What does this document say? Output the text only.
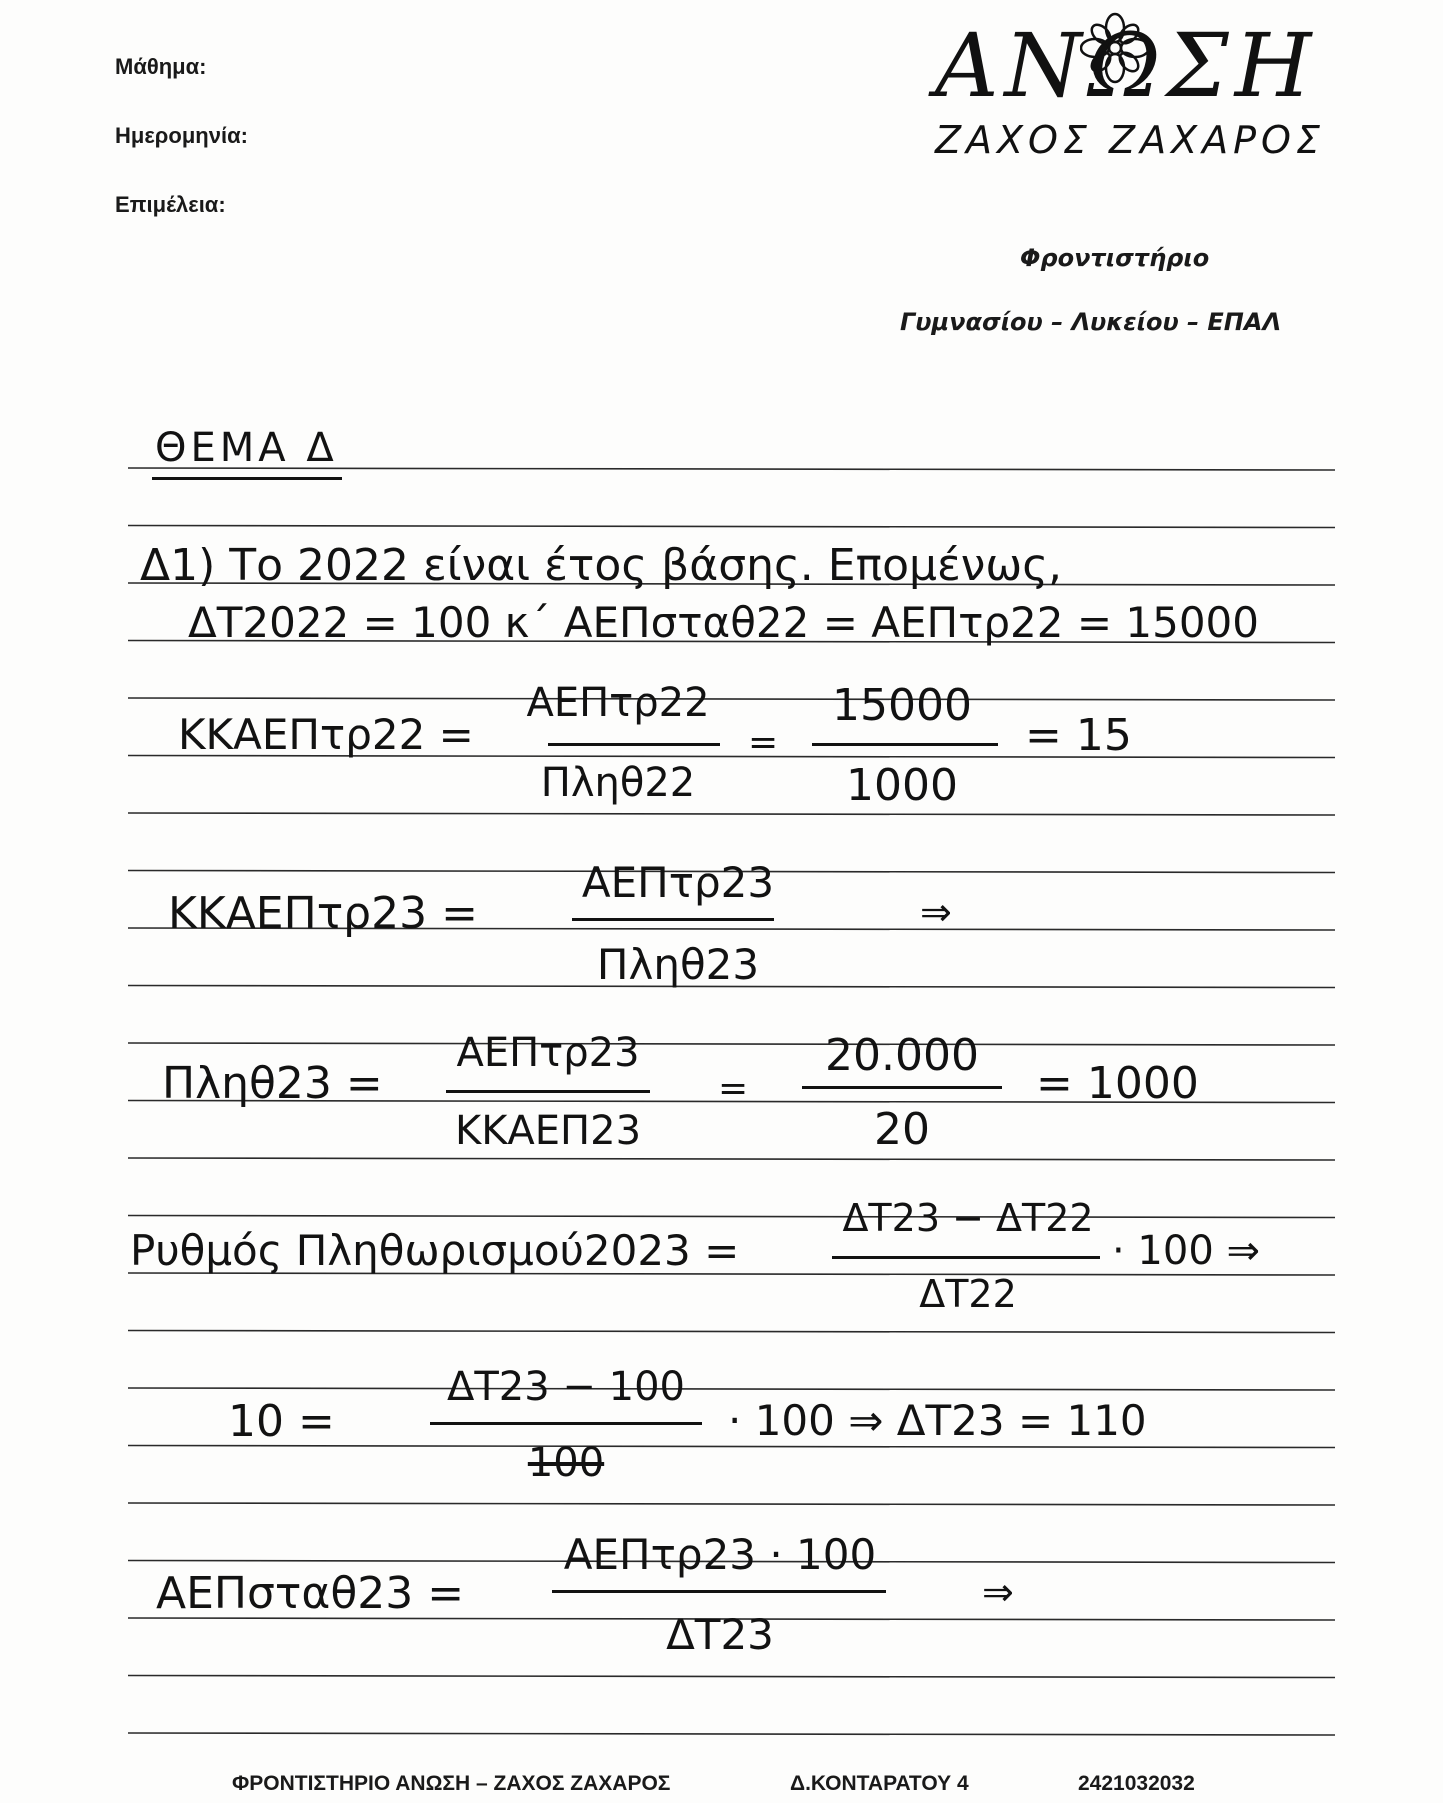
Μάθημα:
Ημερομηνία:
Επιμέλεια:
ΑΝΩΣΗ
ΖΑΧΟΣ ΖΑΧΑΡΟΣ
Φροντιστήριο
Γυμνασίου – Λυκείου – ΕΠΑΛ
ΘΕΜΑ Δ
Δ1) Το 2022 είναι έτος βάσης. Επομένως,
ΔΤ2022 = 100 κ΄ ΑΕΠσταθ22 = ΑΕΠτρ22 = 15000
ΚΚΑΕΠτρ22 =
ΑΕΠτρ22
Πληθ22
=
15000
1000
= 15
ΚΚΑΕΠτρ23 =
ΑΕΠτρ23
Πληθ23
⇒
Πληθ23 =
ΑΕΠτρ23
ΚΚΑΕΠ23
=
20.000
20
= 1000
Ρυθμός Πληθωρισμού2023 =
ΔΤ23 − ΔΤ22
ΔΤ22
· 100 ⇒
10 =
ΔΤ23 − 100
100
· 100 ⇒ ΔΤ23 = 110
ΑΕΠσταθ23 =
ΑΕΠτρ23 · 100
ΔΤ23
⇒
ΦΡΟΝΤΙΣΤΗΡΙΟ ΑΝΩΣΗ – ΖΑΧΟΣ ΖΑΧΑΡΟΣ	Δ.ΚΟΝΤΑΡΑΤΟΥ 4	2421032032
